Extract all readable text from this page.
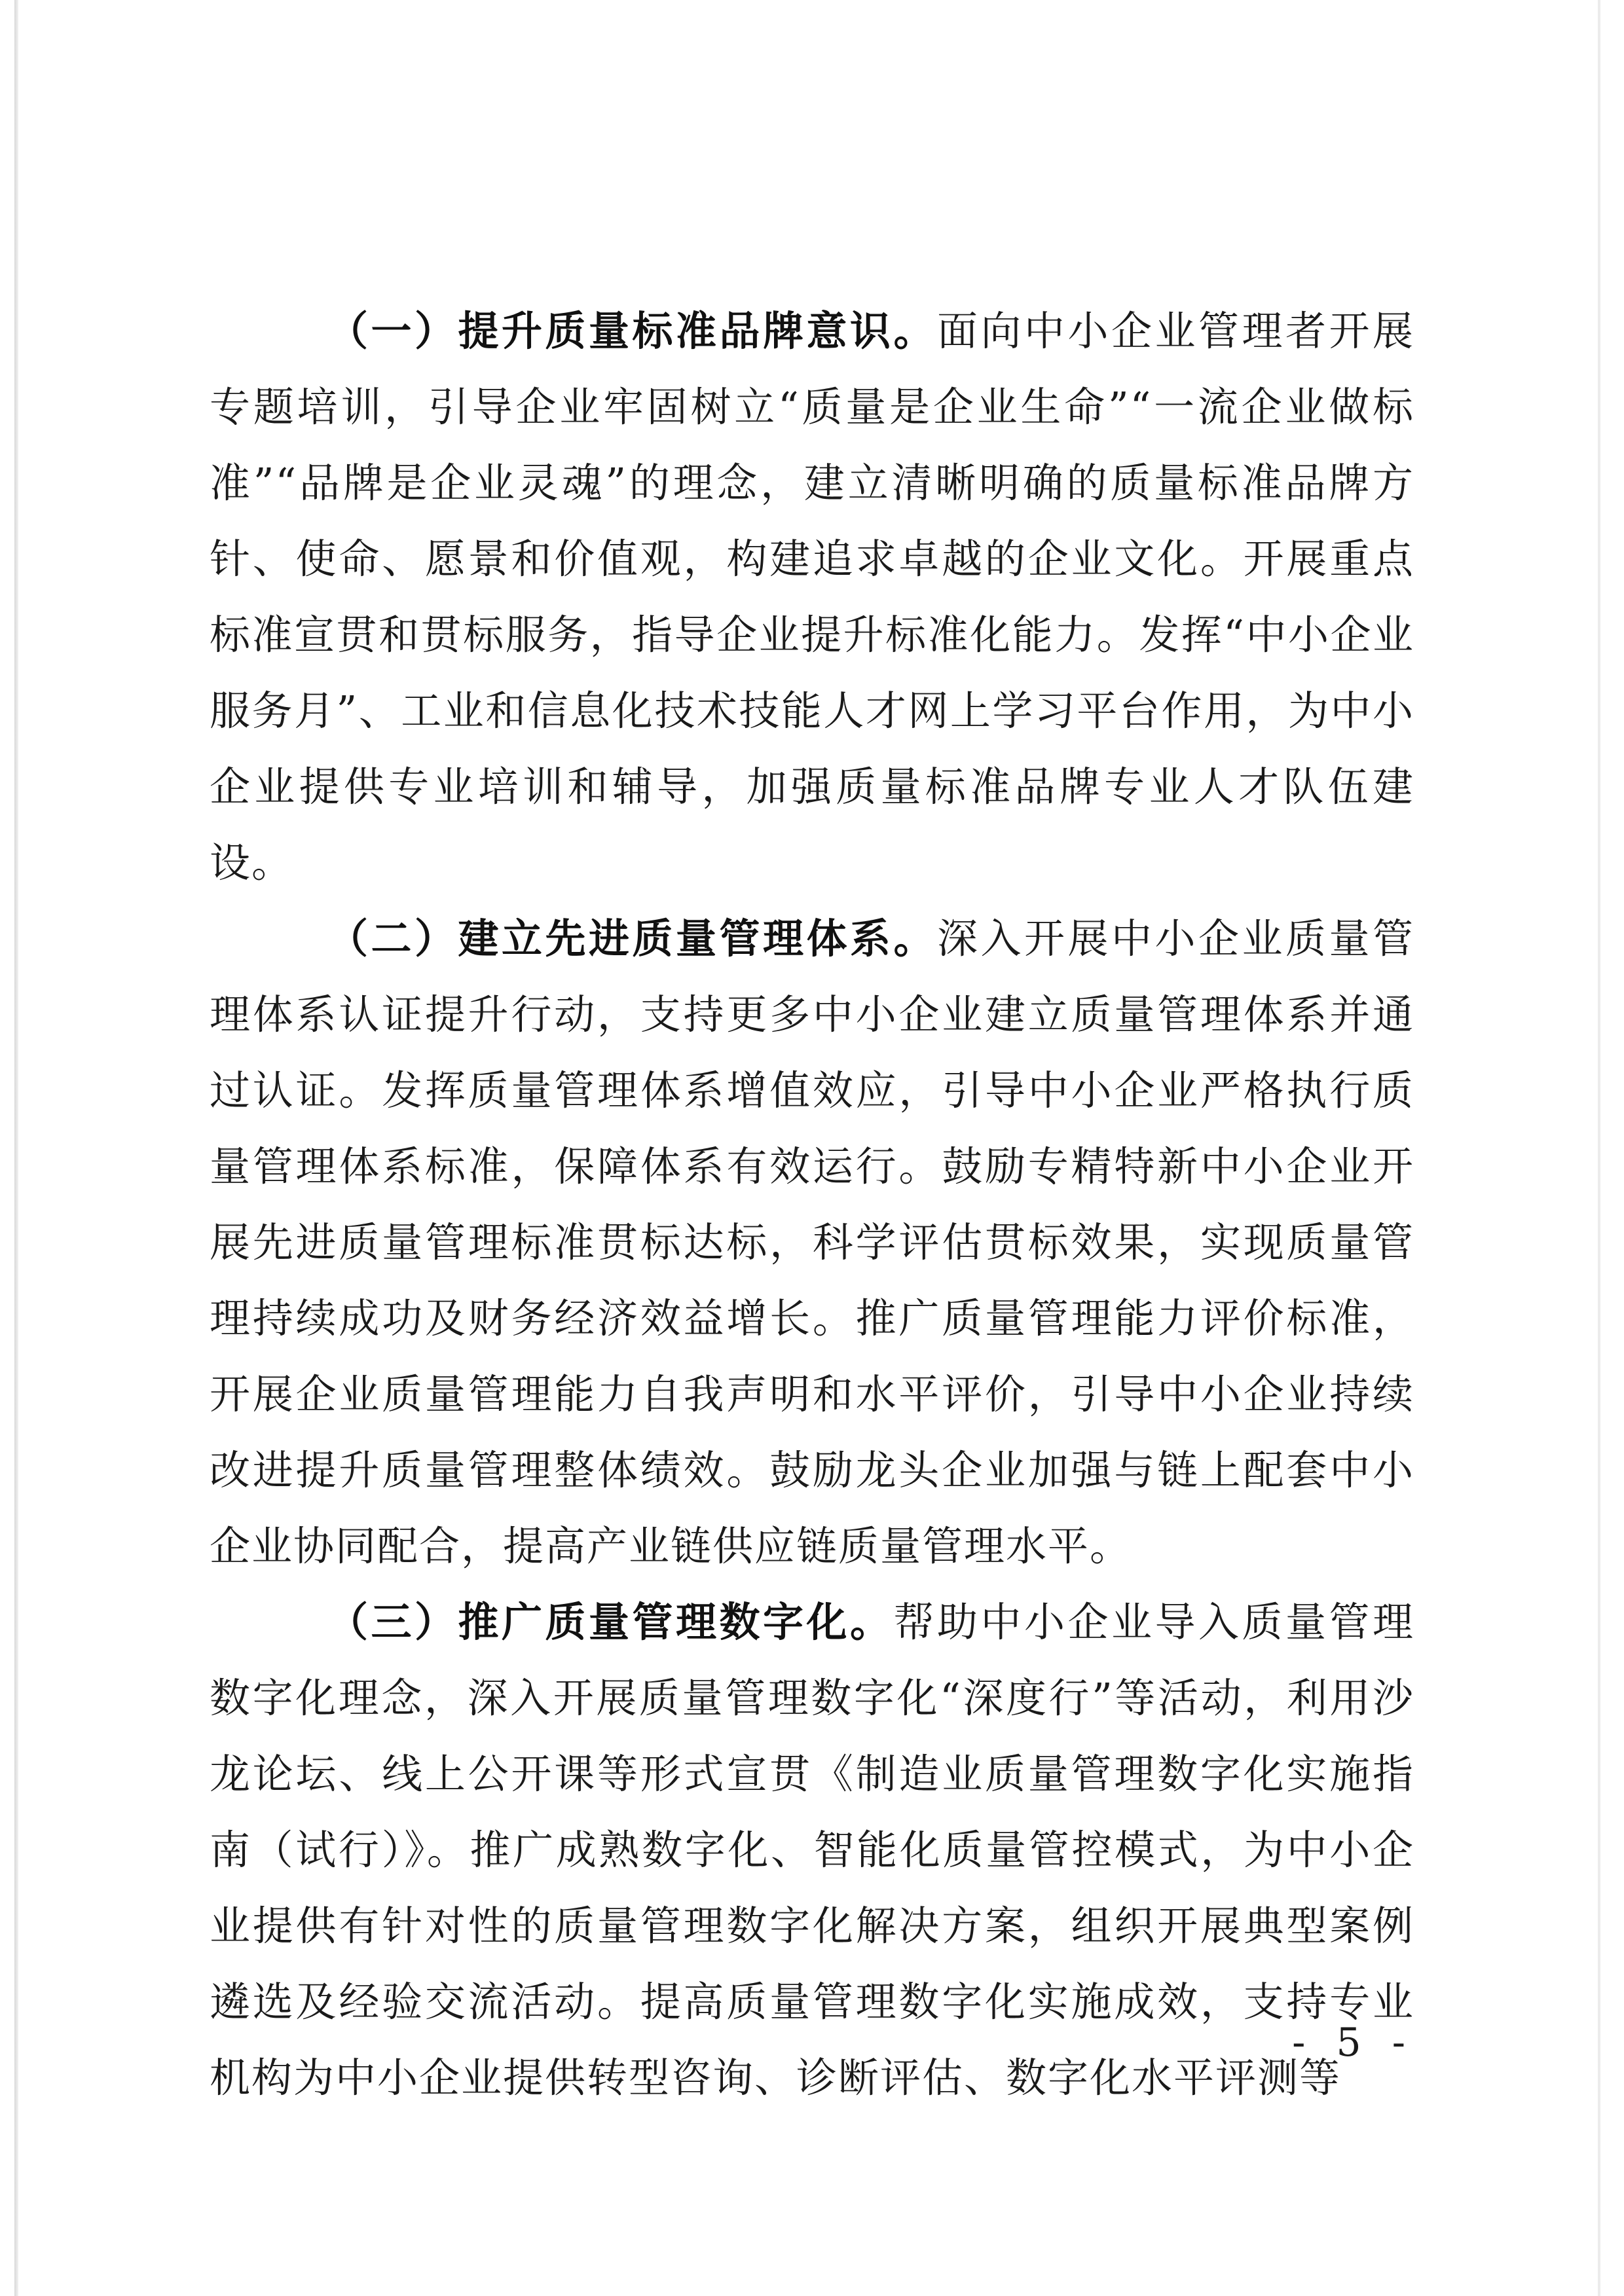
（一）提升质量标准品牌意识。面向中小企业管理者开展专题培训，引导企业牢固树立“质量是企业生命”“一流企业做标准”“品牌是企业灵魂”的理念，建立清晰明确的质量标准品牌方针、使命、愿景和价值观，构建追求卓越的企业文化。开展重点标准宣贯和贯标服务，指导企业提升标准化能力。发挥“中小企业服务月”、工业和信息化技术技能人才网上学习平台作用，为中小企业提供专业培训和辅导，加强质量标准品牌专业人才队伍建设。

（二）建立先进质量管理体系。深入开展中小企业质量管理体系认证提升行动，支持更多中小企业建立质量管理体系并通过认证。发挥质量管理体系增值效应，引导中小企业严格执行质量管理体系标准，保障体系有效运行。鼓励专精特新中小企业开展先进质量管理标准贯标达标，科学评估贯标效果，实现质量管理持续成功及财务经济效益增长。推广质量管理能力评价标准，开展企业质量管理能力自我声明和水平评价，引导中小企业持续改进提升质量管理整体绩效。鼓励龙头企业加强与链上配套中小企业协同配合，提高产业链供应链质量管理水平。

（三）推广质量管理数字化。帮助中小企业导入质量管理数字化理念，深入开展质量管理数字化“深度行”等活动，利用沙龙论坛、线上公开课等形式宣贯《制造业质量管理数字化实施指南（试行）》。推广成熟数字化、智能化质量管控模式，为中小企业提供有针对性的质量管理数字化解决方案，组织开展典型案例遴选及经验交流活动。提高质量管理数字化实施成效，支持专业机构为中小企业提供转型咨询、诊断评估、数字化水平评测等

- 5 -
